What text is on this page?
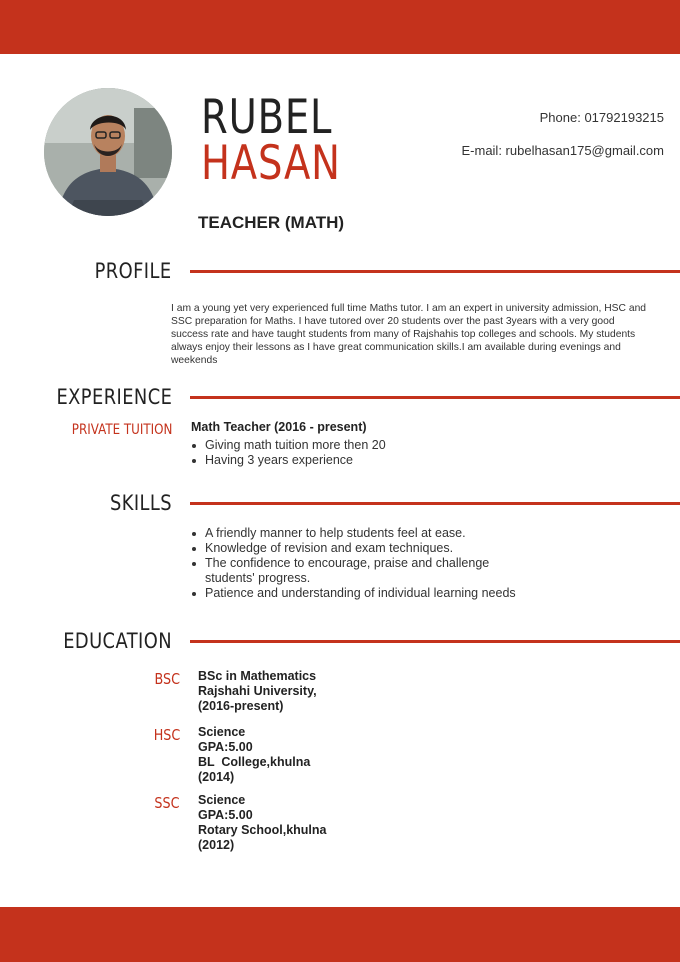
RUBEL
HASAN
TEACHER (MATH)
Phone: 01792193215
E-mail: rubelhasan175@gmail.com
PROFILE
I am a young yet very experienced full time Maths tutor. I am an expert in university admission, HSC and SSC preparation for Maths. I have tutored over 20 students over the past 3years with a very good success rate and have taught students from many of Rajshahis top colleges and schools. My students always enjoy their lessons as I have great communication skills.I am available during evenings and weekends
EXPERIENCE
PRIVATE TUITION Math Teacher (2016 - present)
Giving math tuition more then 20
Having 3 years experience
SKILLS
A friendly manner to help students feel at ease.
Knowledge of revision and exam techniques.
The confidence to encourage, praise and challenge students' progress.
Patience and understanding of individual learning needs
EDUCATION
BSC BSc in Mathematics
Rajshahi University,
(2016-present)
HSC Science
GPA:5.00
BL  College,khulna
(2014)
SSC Science
GPA:5.00
Rotary School,khulna
(2012)
